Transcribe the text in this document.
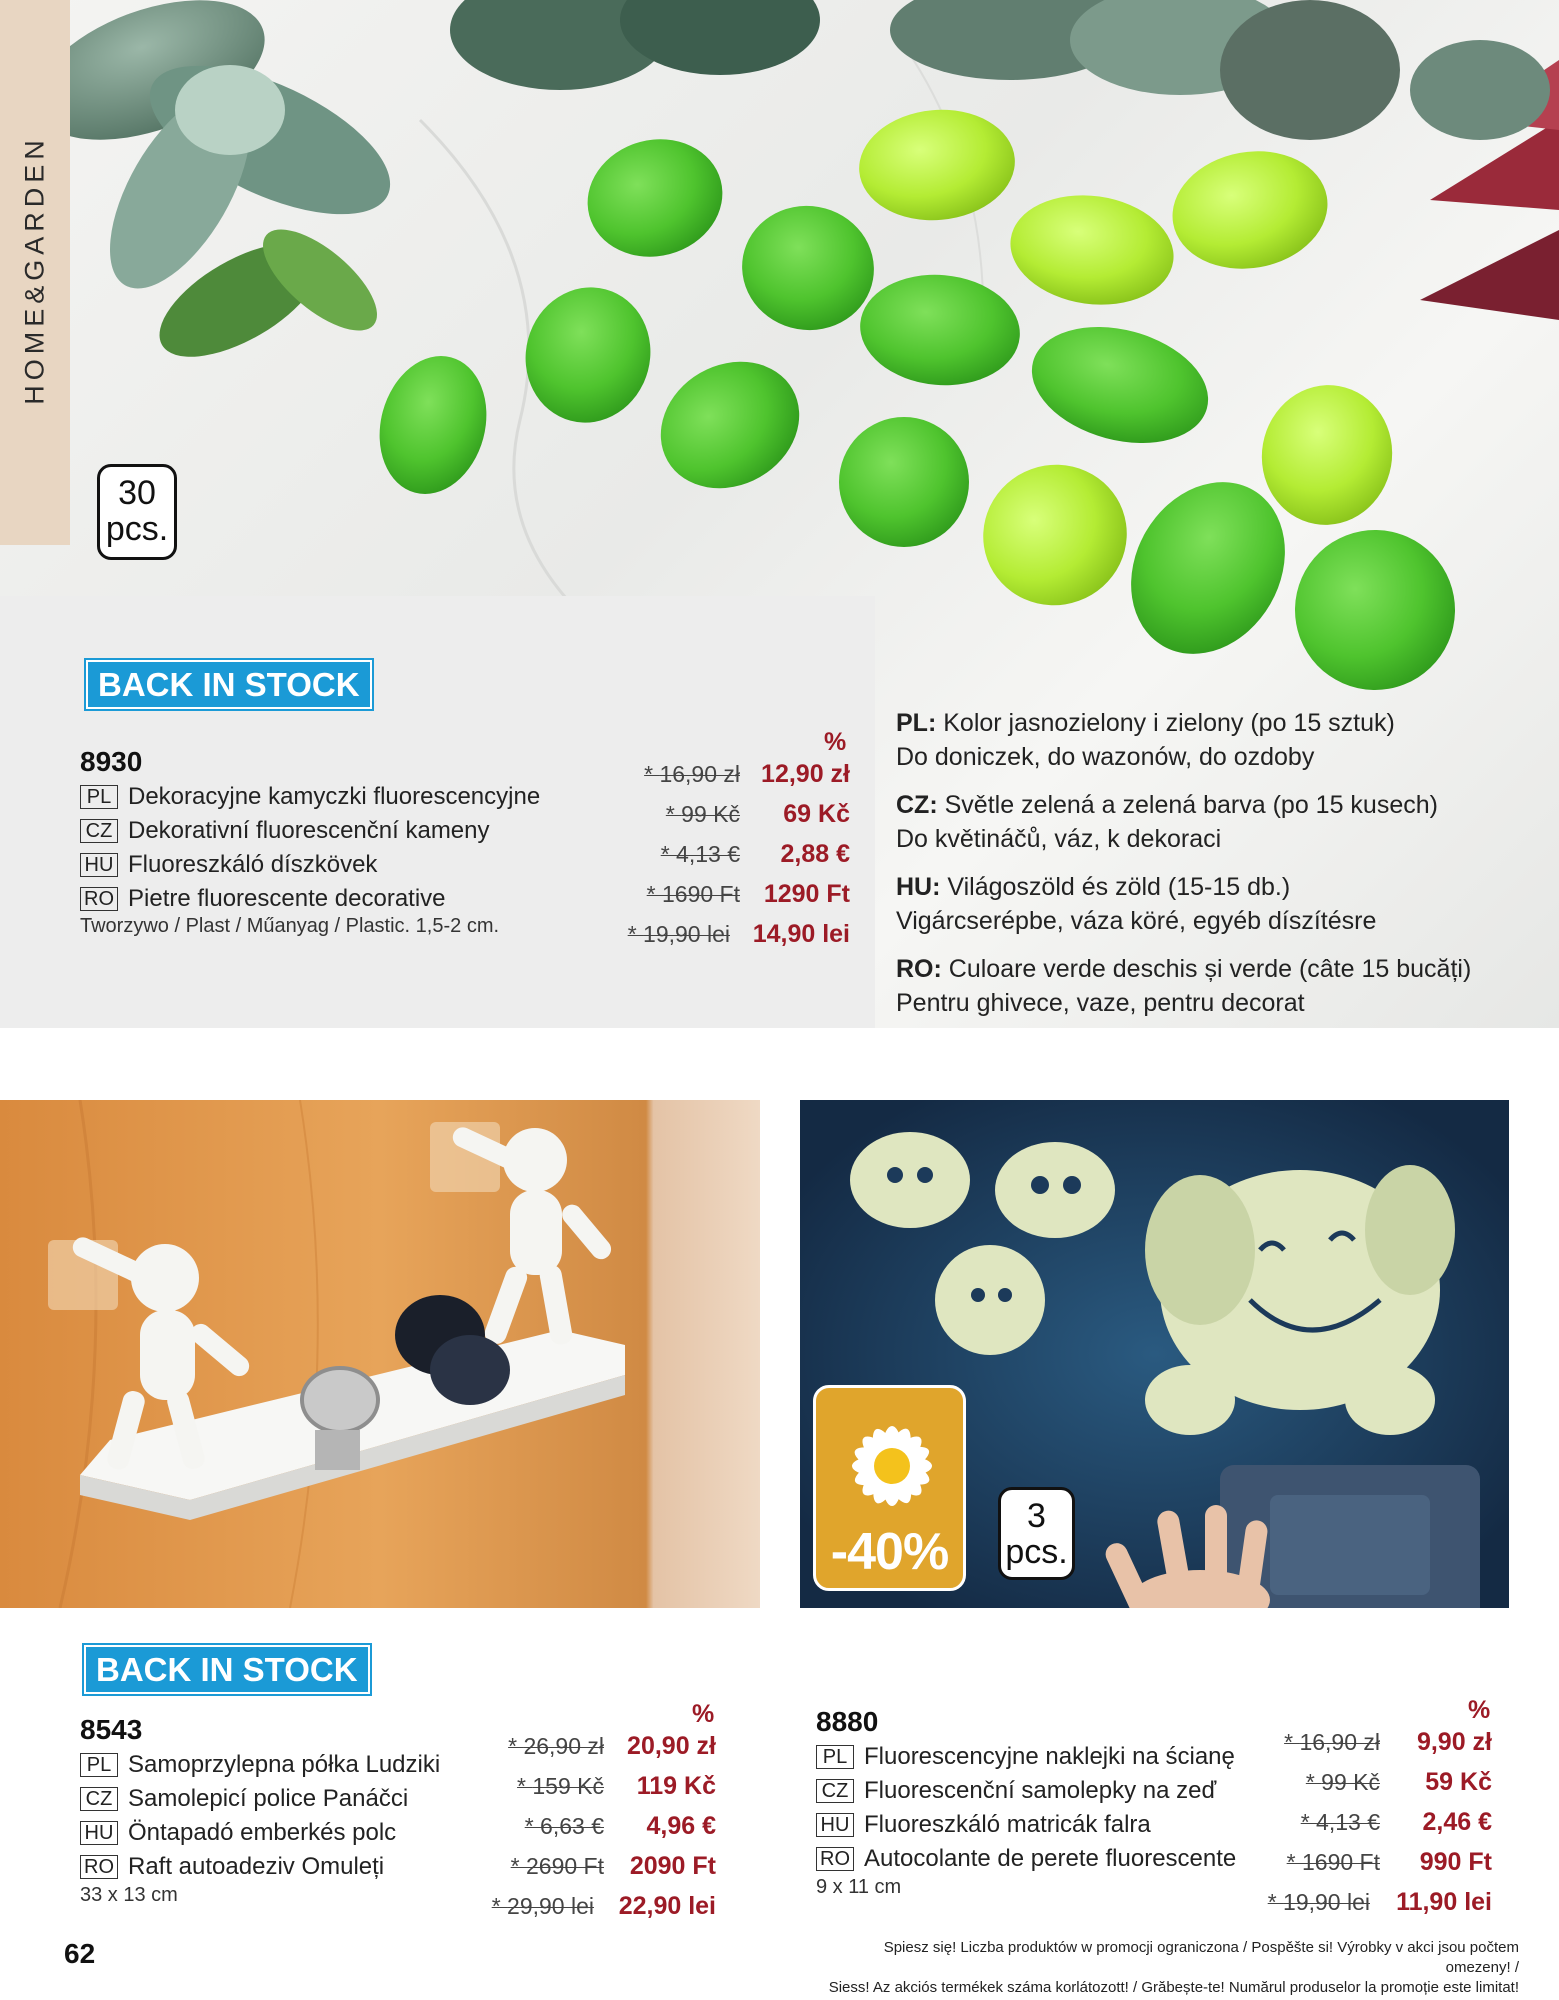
HOME&GARDEN
30
pcs.
BACK IN STOCK
8930
PL Dekoracyjne kamyczki fluorescencyjne
CZ Dekorativní fluorescenční kameny
HU Fluoreszkáló díszkövek
RO Pietre fluorescente decorative
Tworzywo / Plast / Műanyag / Plastic. 1,5-2 cm.
%
* 16,90 zł 12,90 zł
* 99 Kč	69 Kč
* 4,13 €	2,88 €
* 1690 Ft 1290 Ft
* 19,90 lei 14,90 lei

PL: Kolor jasnozielony i zielony (po 15 sztuk)
Do doniczek, do wazonów, do ozdoby

CZ: Světle zelená a zelená barva (po 15 kusech)
Do květináčů, váz, k dekoraci

HU: Világoszöld és zöld (15-15 db.)
Vigárcserépbe, váza köré, egyéb díszítésre

RO: Culoare verde deschis și verde (câte 15 bucăți)
Pentru ghivece, vaze, pentru decorat

-40%
3
pcs.
BACK IN STOCK
8543
PL Samoprzylepna półka Ludziki
CZ Samolepicí police Panáčci
HU Öntapadó emberkés polc
RO Raft autoadeziv Omuleți
33 x 13 cm
%
* 26,90 zł 20,90 zł
* 159 Kč	119 Kč
* 6,63 €	4,96 €
* 2690 Ft	2090 Ft
* 29,90 lei 22,90 lei
8880
PL Fluorescencyjne naklejki na ścianę
CZ Fluorescenční samolepky na zeď
HU Fluoreszkáló matricák falra
RO Autocolante de perete fluorescente
9 x 11 cm
%
* 16,90 zł	9,90 zł
* 99 Kč	59 Kč
* 4,13 €	2,46 €
* 1690 Ft	990 Ft
* 19,90 lei	11,90 lei
62	Spiesz się! Liczba produktów w promocji ograniczona / Pospěšte si! Výrobky v akci jsou počtem omezeny! /
Siess! Az akciós termékek száma korlátozott! / Grăbește-te! Numărul produselor la promoție este limitat!
